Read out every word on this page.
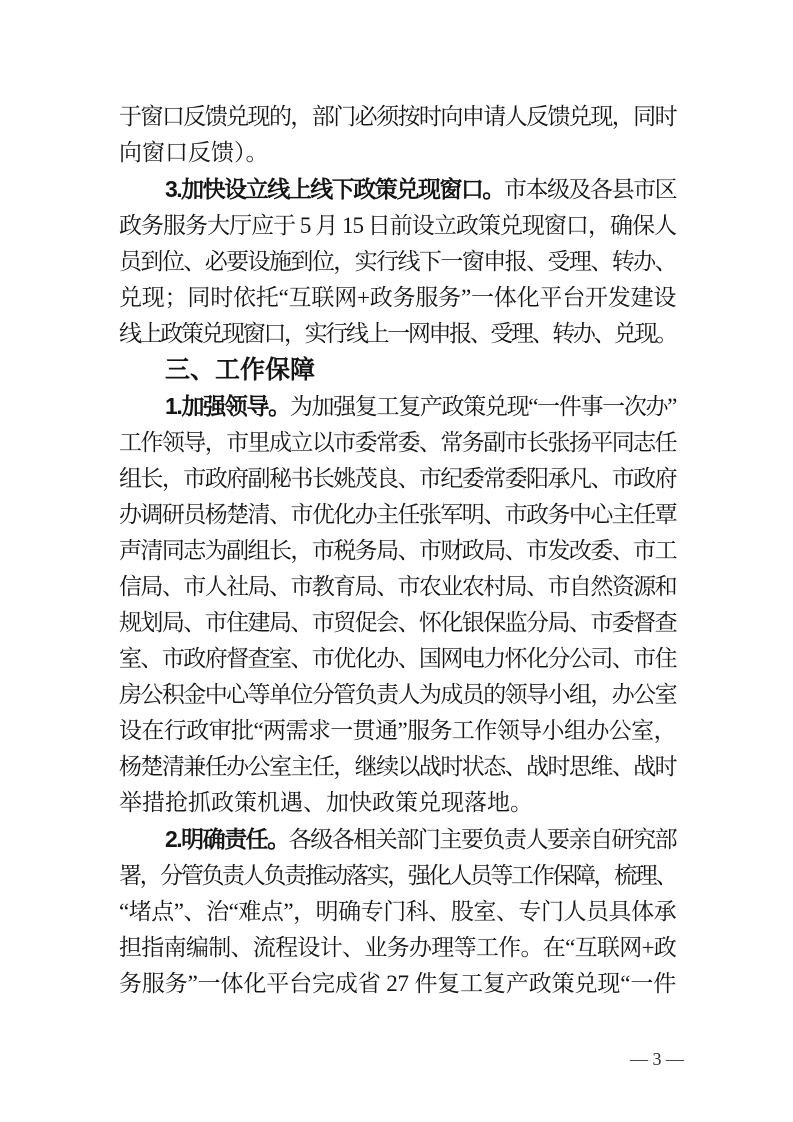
于窗口反馈兑现的，部门必须按时向申请人反馈兑现，同时
向窗口反馈）。
3.加快设立线上线下政策兑现窗口。市本级及各县市区
政务服务大厅应于 5 月 15 日前设立政策兑现窗口，确保人
员到位、必要设施到位，实行线下一窗申报、受理、转办、
兑现；同时依托“互联网+政务服务”一体化平台开发建设
线上政策兑现窗口，实行线上一网申报、受理、转办、兑现。
三、工作保障
1.加强领导。为加强复工复产政策兑现“一件事一次办”
工作领导，市里成立以市委常委、常务副市长张扬平同志任
组长，市政府副秘书长姚茂良、市纪委常委阳承凡、市政府
办调研员杨楚清、市优化办主任张军明、市政务中心主任覃
声清同志为副组长，市税务局、市财政局、市发改委、市工
信局、市人社局、市教育局、市农业农村局、市自然资源和
规划局、市住建局、市贸促会、怀化银保监分局、市委督查
室、市政府督查室、市优化办、国网电力怀化分公司、市住
房公积金中心等单位分管负责人为成员的领导小组，办公室
设在行政审批“两需求一贯通”服务工作领导小组办公室，
杨楚清兼任办公室主任，继续以战时状态、战时思维、战时
举措抢抓政策机遇、加快政策兑现落地。
2.明确责任。各级各相关部门主要负责人要亲自研究部
署，分管负责人负责推动落实，强化人员等工作保障，梳理、
“堵点”、治“难点”，明确专门科、股室、专门人员具体承
担指南编制、流程设计、业务办理等工作。在“互联网+政
务服务”一体化平台完成省 27 件复工复产政策兑现“一件
— 3 —
